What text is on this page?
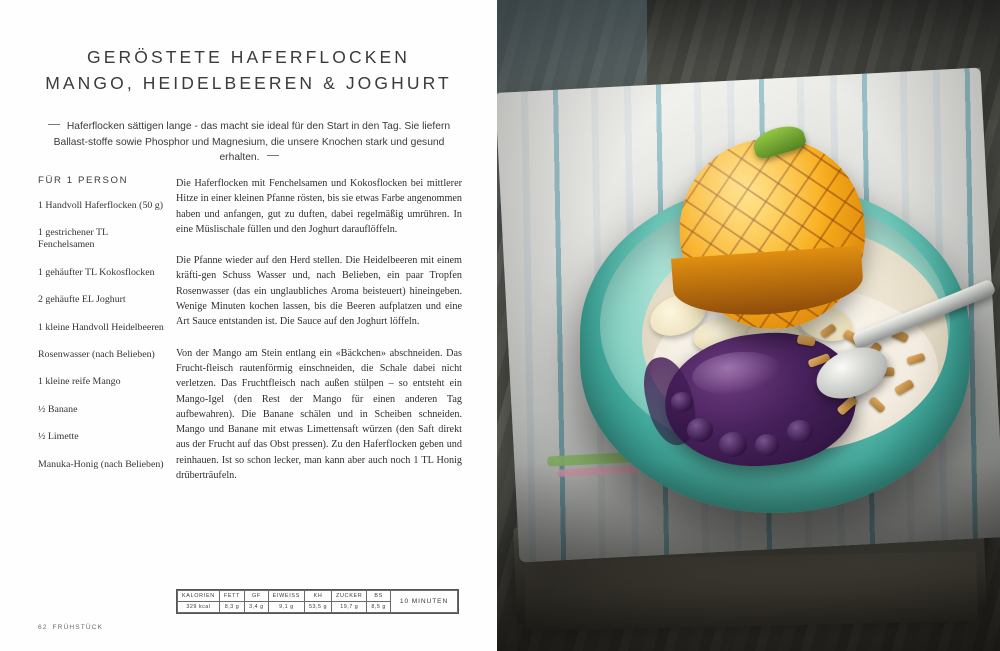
GERÖSTETE HAFERFLOCKEN
MANGO, HEIDELBEEREN & JOGHURT
Haferflocken sättigen lange - das macht sie ideal für den Start in den Tag. Sie liefern Ballast-stoffe sowie Phosphor und Magnesium, die unsere Knochen stark und gesund erhalten.
FÜR 1 PERSON
1 Handvoll Haferflocken (50 g)
1 gestrichener TL Fenchelsamen
1 gehäufter TL Kokosflocken
2 gehäufte EL Joghurt
1 kleine Handvoll Heidelbeeren
Rosenwasser (nach Belieben)
1 kleine reife Mango
½ Banane
½ Limette
Manuka-Honig (nach Belieben)

Die Haferflocken mit Fenchelsamen und Kokosflocken bei mittlerer Hitze in einer kleinen Pfanne rösten, bis sie etwas Farbe angenommen haben und anfangen, gut zu duften, dabei regelmäßig umrühren. In eine Müslischale füllen und den Joghurt darauflöffeln.

Die Pfanne wieder auf den Herd stellen. Die Heidelbeeren mit einem kräfti-gen Schuss Wasser und, nach Belieben, ein paar Tropfen Rosenwasser (das ein unglaubliches Aroma beisteuert) hineingeben. Wenige Minuten kochen lassen, bis die Beeren aufplatzen und eine Art Sauce entstanden ist. Die Sauce auf den Joghurt löffeln.

Von der Mango am Stein entlang ein «Bäckchen» abschneiden. Das Frucht-fleisch rautenförmig einschneiden, die Schale dabei nicht verletzen. Das Fruchtfleisch nach außen stülpen – so entsteht ein Mango-Igel (den Rest der Mango für einen anderen Tag aufbewahren). Die Banane schälen und in Scheiben schneiden. Mango und Banane mit etwas Limettensaft würzen (den Saft direkt aus der Frucht auf das Obst pressen). Zu den Haferflocken geben und reinhauen. Ist so schon lecker, man kann aber auch noch 1 TL Honig drüberträufeln.

KALORIEN	FETT	GF	EIWEISS	KH	ZUCKER	BS	10 MINUTEN
329 kcal	8,3 g	3,4 g	9,1 g	53,5 g	19,7 g	8,5 g	
62 FRÜHSTÜCK
